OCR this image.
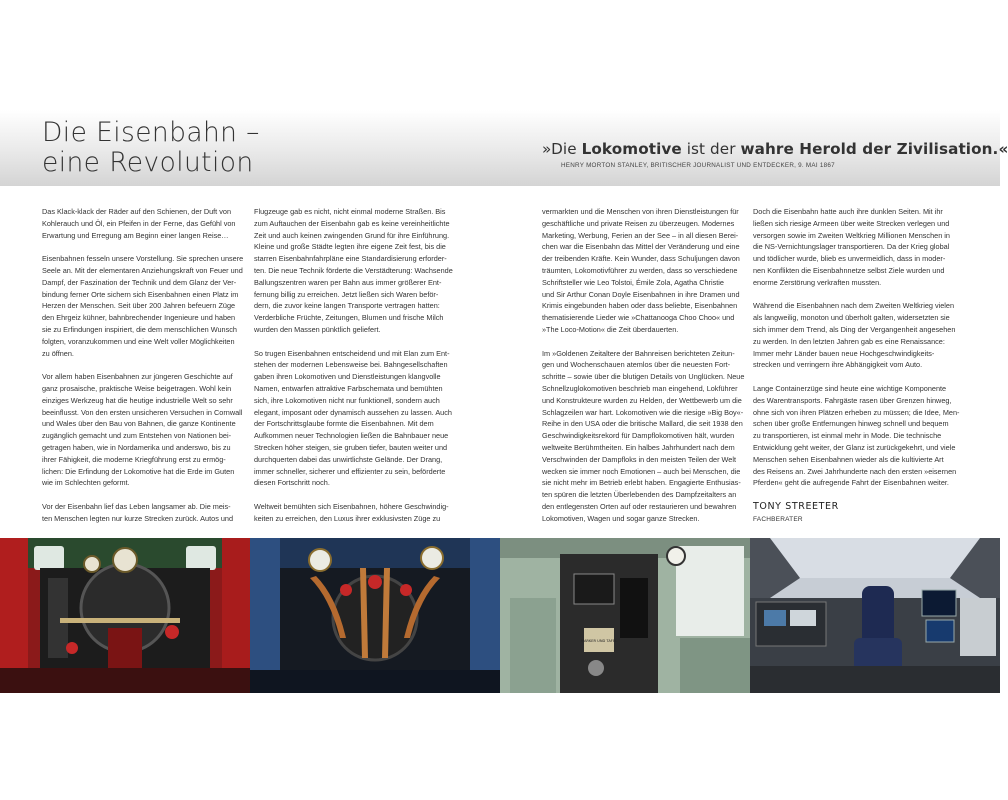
Die Eisenbahn –
eine Revolution	»Die Lokomotive ist der wahre Herold der Zivilisation.«
HENRY MORTON STANLEY, BRITISCHER JOURNALIST UND ENTDECKER, 9. MAI 1867

Das Klack-klack der Räder auf den Schienen, der Duft von
Kohlerauch und Öl, ein Pfeifen in der Ferne, das Gefühl von
Erwartung und Erregung am Beginn einer langen Reise…

Eisenbahnen fesseln unsere Vorstellung. Sie sprechen unsere
Seele an. Mit der elementaren Anziehungskraft von Feuer und
Dampf, der Faszination der Technik und dem Glanz der Ver-
bindung ferner Orte sichern sich Eisenbahnen einen Platz im
Herzen der Menschen. Seit über 200 Jahren befeuern Züge
den Ehrgeiz kühner, bahnbrechender Ingenieure und haben
sie zu Erfindungen inspiriert, die dem menschlichen Wunsch
folgten, voranzukommen und eine Welt voller Möglichkeiten
zu öffnen.

Vor allem haben Eisenbahnen zur jüngeren Geschichte auf
ganz prosaische, praktische Weise beigetragen. Wohl kein
einziges Werkzeug hat die heutige industrielle Welt so sehr
beeinflusst. Von den ersten unsicheren Versuchen in Cornwall
und Wales über den Bau von Bahnen, die ganze Kontinente
zugänglich gemacht und zum Entstehen von Nationen bei-
getragen haben, wie in Nordamerika und anderswo, bis zu
ihrer Fähigkeit, die moderne Kriegführung erst zu ermög-
lichen: Die Erfindung der Lokomotive hat die Erde im Guten
wie im Schlechten geformt.

Vor der Eisenbahn lief das Leben langsamer ab. Die meis-
ten Menschen legten nur kurze Strecken zurück. Autos und

Flugzeuge gab es nicht, nicht einmal moderne Straßen. Bis
zum Auftauchen der Eisenbahn gab es keine vereinheitlichte
Zeit und auch keinen zwingenden Grund für ihre Einführung.
Kleine und große Städte legten ihre eigene Zeit fest, bis die
starren Eisenbahnfahrpläne eine Standardisierung erforder-
ten. Die neue Technik förderte die Verstädterung: Wachsende
Ballungszentren waren per Bahn aus immer größerer Ent-
fernung billig zu erreichen. Jetzt ließen sich Waren beför-
dern, die zuvor keine langen Transporte vertragen hatten:
Verderbliche Früchte, Zeitungen, Blumen und frische Milch
wurden den Massen pünktlich geliefert.

So trugen Eisenbahnen entscheidend und mit Elan zum Ent-
stehen der modernen Lebensweise bei. Bahngesellschaften
gaben ihren Lokomotiven und Dienstleistungen klangvolle
Namen, entwarfen attraktive Farbschemata und bemühten
sich, ihre Lokomotiven nicht nur funktionell, sondern auch
elegant, imposant oder dynamisch aussehen zu lassen. Auch
der Fortschrittsglaube formte die Eisenbahnen. Mit dem
Aufkommen neuer Technologien ließen die Bahnbauer neue
Strecken höher steigen, sie gruben tiefer, bauten weiter und
durchquerten dabei das unwirtlichste Gelände. Der Drang,
immer schneller, sicherer und effizienter zu sein, beförderte
diesen Fortschritt noch.

Weltweit bemühten sich Eisenbahnen, höhere Geschwindig-
keiten zu erreichen, den Luxus ihrer exklusivsten Züge zu

vermarkten und die Menschen von ihren Dienstleistungen für
geschäftliche und private Reisen zu überzeugen. Modernes
Marketing, Werbung, Ferien an der See – in all diesen Berei-
chen war die Eisenbahn das Mittel der Veränderung und eine
der treibenden Kräfte. Kein Wunder, dass Schuljungen davon
träumten, Lokomotivführer zu werden, dass so verschiedene
Schriftsteller wie Leo Tolstoi, Émile Zola, Agatha Christie
und Sir Arthur Conan Doyle Eisenbahnen in ihre Dramen und
Krimis eingebunden haben oder dass beliebte, Eisenbahnen
thematisierende Lieder wie »Chattanooga Choo Choo« und
»The Loco-Motion« die Zeit überdauerten.

Im »Goldenen Zeitaltere der Bahnreisen berichteten Zeitun-
gen und Wochenschauen atemlos über die neuesten Fort-
schritte – sowie über die blutigen Details von Unglücken. Neue
Schnellzuglokomotiven beschrieb man eingehend, Lokführer
und Konstrukteure wurden zu Helden, der Wettbewerb um die
Schlagzeilen war hart. Lokomotiven wie die riesige »Big Boy«-
Reihe in den USA oder die britische Mallard, die seit 1938 den
Geschwindigkeitsrekord für Dampflokomotiven hält, wurden
weltweite Berühmtheiten. Ein halbes Jahrhundert nach dem
Verschwinden der Dampfloks in den meisten Teilen der Welt
wecken sie immer noch Emotionen – auch bei Menschen, die
sie nicht mehr im Betrieb erlebt haben. Engagierte Enthusias-
ten spüren die letzten Überlebenden des Dampfzeitalters an
den entlegensten Orten auf oder restaurieren und bewahren
Lokomotiven, Wagen und sogar ganze Strecken.

Doch die Eisenbahn hatte auch ihre dunklen Seiten. Mit ihr
ließen sich riesige Armeen über weite Strecken verlegen und
versorgen sowie im Zweiten Weltkrieg Millionen Menschen in
die NS-Vernichtungslager transportieren. Da der Krieg global
und tödlicher wurde, blieb es unvermeidlich, dass in moder-
nen Konflikten die Eisenbahnnetze selbst Ziele wurden und
enorme Zerstörung verkraften mussten.

Während die Eisenbahnen nach dem Zweiten Weltkrieg vielen
als langweilig, monoton und überholt galten, widersetzten sie
sich immer dem Trend, als Ding der Vergangenheit angesehen
zu werden. In den letzten Jahren gab es eine Renaissance:
Immer mehr Länder bauen neue Hochgeschwindigkeits-
strecken und verringern ihre Abhängigkeit vom Auto.

Lange Containerzüge sind heute eine wichtige Komponente
des Warentransports. Fahrgäste rasen über Grenzen hinweg,
ohne sich von ihren Plätzen erheben zu müssen; die Idee, Men-
schen über große Entfernungen hinweg schnell und bequem
zu transportieren, ist einmal mehr in Mode. Die technische
Entwicklung geht weiter, der Glanz ist zurückgekehrt, und viele
Menschen sehen Eisenbahnen wieder als die kultivierte Art
des Reisens an. Zwei Jahrhunderte nach den ersten »eisernen
Pferden« geht die aufregende Fahrt der Eisenbahnen weiter.

TONY STREETER
FACHBERATER
MARKER UND TAFEL
